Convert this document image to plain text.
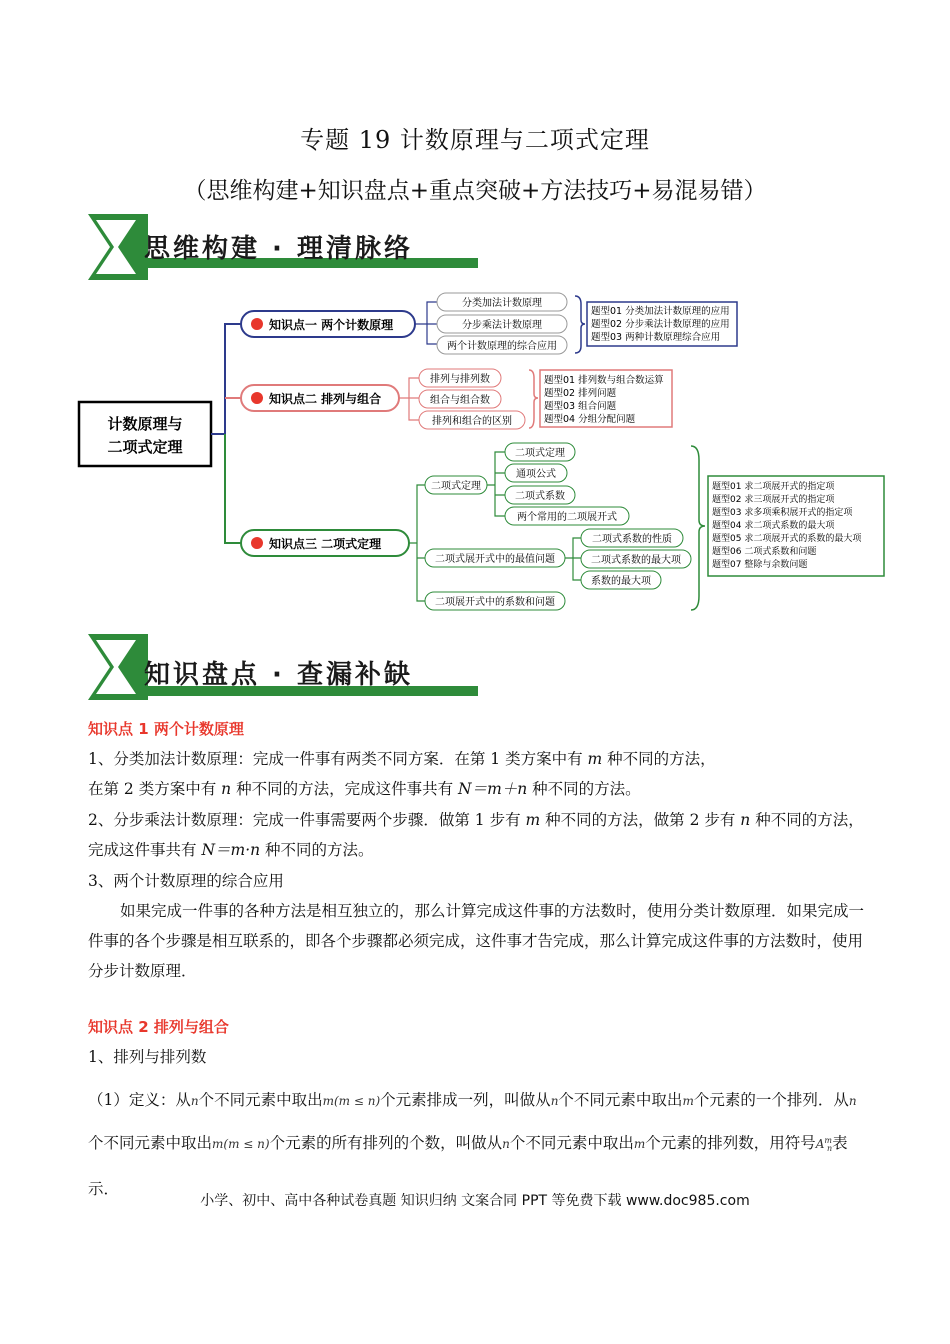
专题 19 计数原理与二项式定理
（思维构建+知识盘点+重点突破+方法技巧+易混易错）
思维构建 · 理清脉络
计数原理与
二项式定理
知识点一 两个计数原理
分类加法计数原理
分步乘法计数原理
两个计数原理的综合应用
题型01 分类加法计数原理的应用
题型02 分步乘法计数原理的应用
题型03 两种计数原理综合应用
知识点二 排列与组合
排列与排列数
组合与组合数
排列和组合的区别
题型01 排列数与组合数运算
题型02 排列问题
题型03 组合问题
题型04 分组分配问题
知识点三 二项式定理
二项式定理
二项式展开式中的最值问题
二项展开式中的系数和问题
二项式定理
通项公式
二项式系数
两个常用的二项展开式
二项式系数的性质
二项式系数的最大项
系数的最大项
题型01 求二项展开式的指定项
题型02 求三项展开式的指定项
题型03 求多项乘积展开式的指定项
题型04 求二项式系数的最大项
题型05 求二项展开式的系数的最大项
题型06 二项式系数和问题
题型07 整除与余数问题
知识盘点 · 查漏补缺
知识点 1 两个计数原理
1、分类加法计数原理：完成一件事有两类不同方案．在第 1 类方案中有 m 种不同的方法，
在第 2 类方案中有 n 种不同的方法，完成这件事共有 N＝m＋n 种不同的方法。
2、分步乘法计数原理：完成一件事需要两个步骤．做第 1 步有 m 种不同的方法，做第 2 步有 n 种不同的方法，完成这件事共有 N＝m·n 种不同的方法。
3、两个计数原理的综合应用
如果完成一件事的各种方法是相互独立的，那么计算完成这件事的方法数时，使用分类计数原理．如果完成一件事的各个步骤是相互联系的，即各个步骤都必须完成，这件事才告完成，那么计算完成这件事的方法数时，使用分步计数原理．
知识点 2 排列与组合
1、排列与排列数
（1）定义：从n个不同元素中取出m(m ≤ n)个元素排成一列，叫做从n个不同元素中取出m个元素的一个排列．从n个不同元素中取出m(m ≤ n)个元素的所有排列的个数，叫做从n个不同元素中取出m个元素的排列数，用符号$A^m_n$表示．
小学、初中、高中各种试卷真题 知识归纳 文案合同 PPT 等免费下载 www.doc985.com
